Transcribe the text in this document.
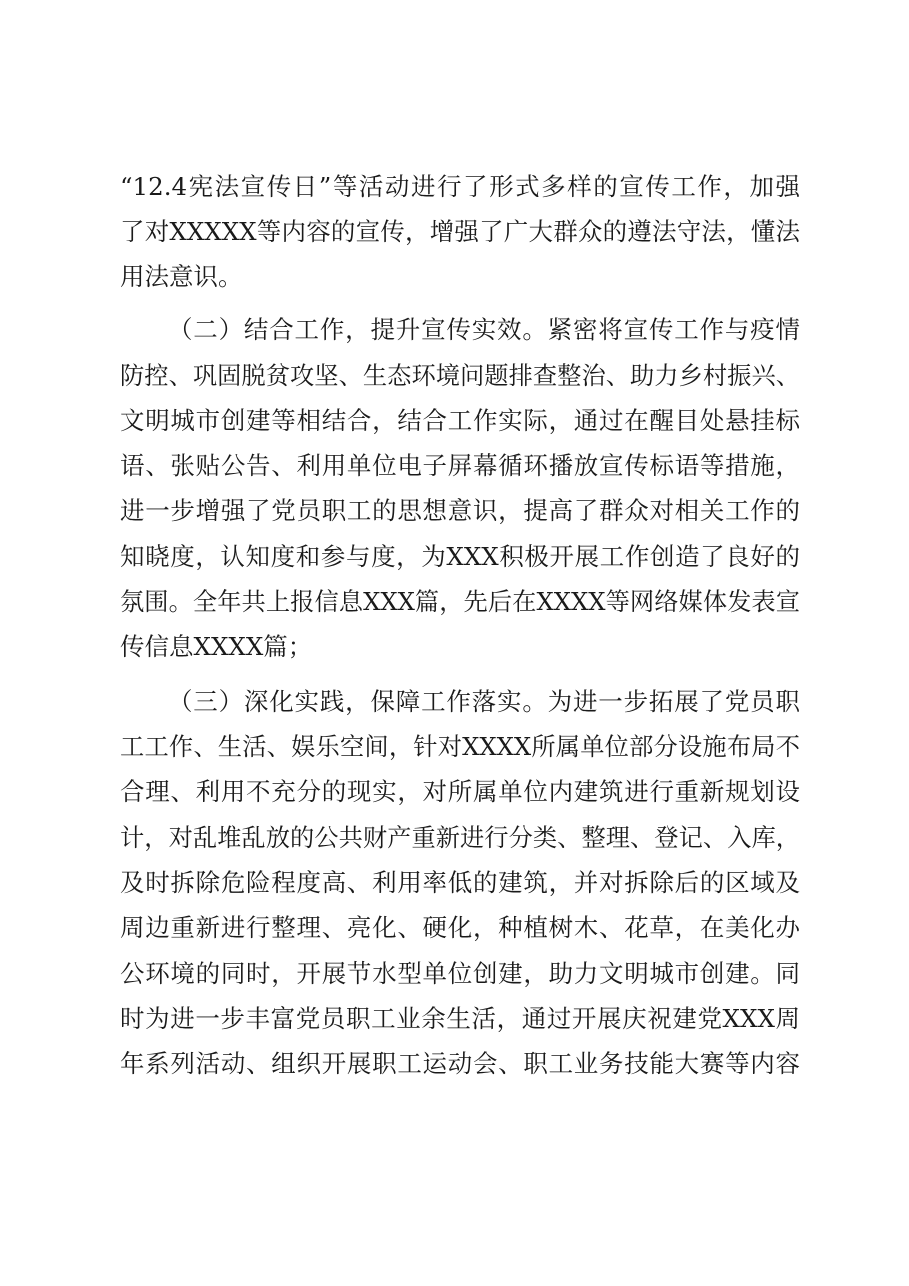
“12.4宪法宣传日”等活动进行了形式多样的宣传工作，加强
了对XXXXX等内容的宣传，增强了广大群众的遵法守法，懂法
用法意识。
（二）结合工作，提升宣传实效。紧密将宣传工作与疫情
防控、巩固脱贫攻坚、生态环境问题排查整治、助力乡村振兴、
文明城市创建等相结合，结合工作实际，通过在醒目处悬挂标
语、张贴公告、利用单位电子屏幕循环播放宣传标语等措施，
进一步增强了党员职工的思想意识，提高了群众对相关工作的
知晓度，认知度和参与度，为XXX积极开展工作创造了良好的
氛围。全年共上报信息XXX篇，先后在XXXX等网络媒体发表宣
传信息XXXX篇；
（三）深化实践，保障工作落实。为进一步拓展了党员职
工工作、生活、娱乐空间，针对XXXX所属单位部分设施布局不
合理、利用不充分的现实，对所属单位内建筑进行重新规划设
计，对乱堆乱放的公共财产重新进行分类、整理、登记、入库，
及时拆除危险程度高、利用率低的建筑，并对拆除后的区域及
周边重新进行整理、亮化、硬化，种植树木、花草，在美化办
公环境的同时，开展节水型单位创建，助力文明城市创建。同
时为进一步丰富党员职工业余生活，通过开展庆祝建党XXX周
年系列活动、组织开展职工运动会、职工业务技能大赛等内容
